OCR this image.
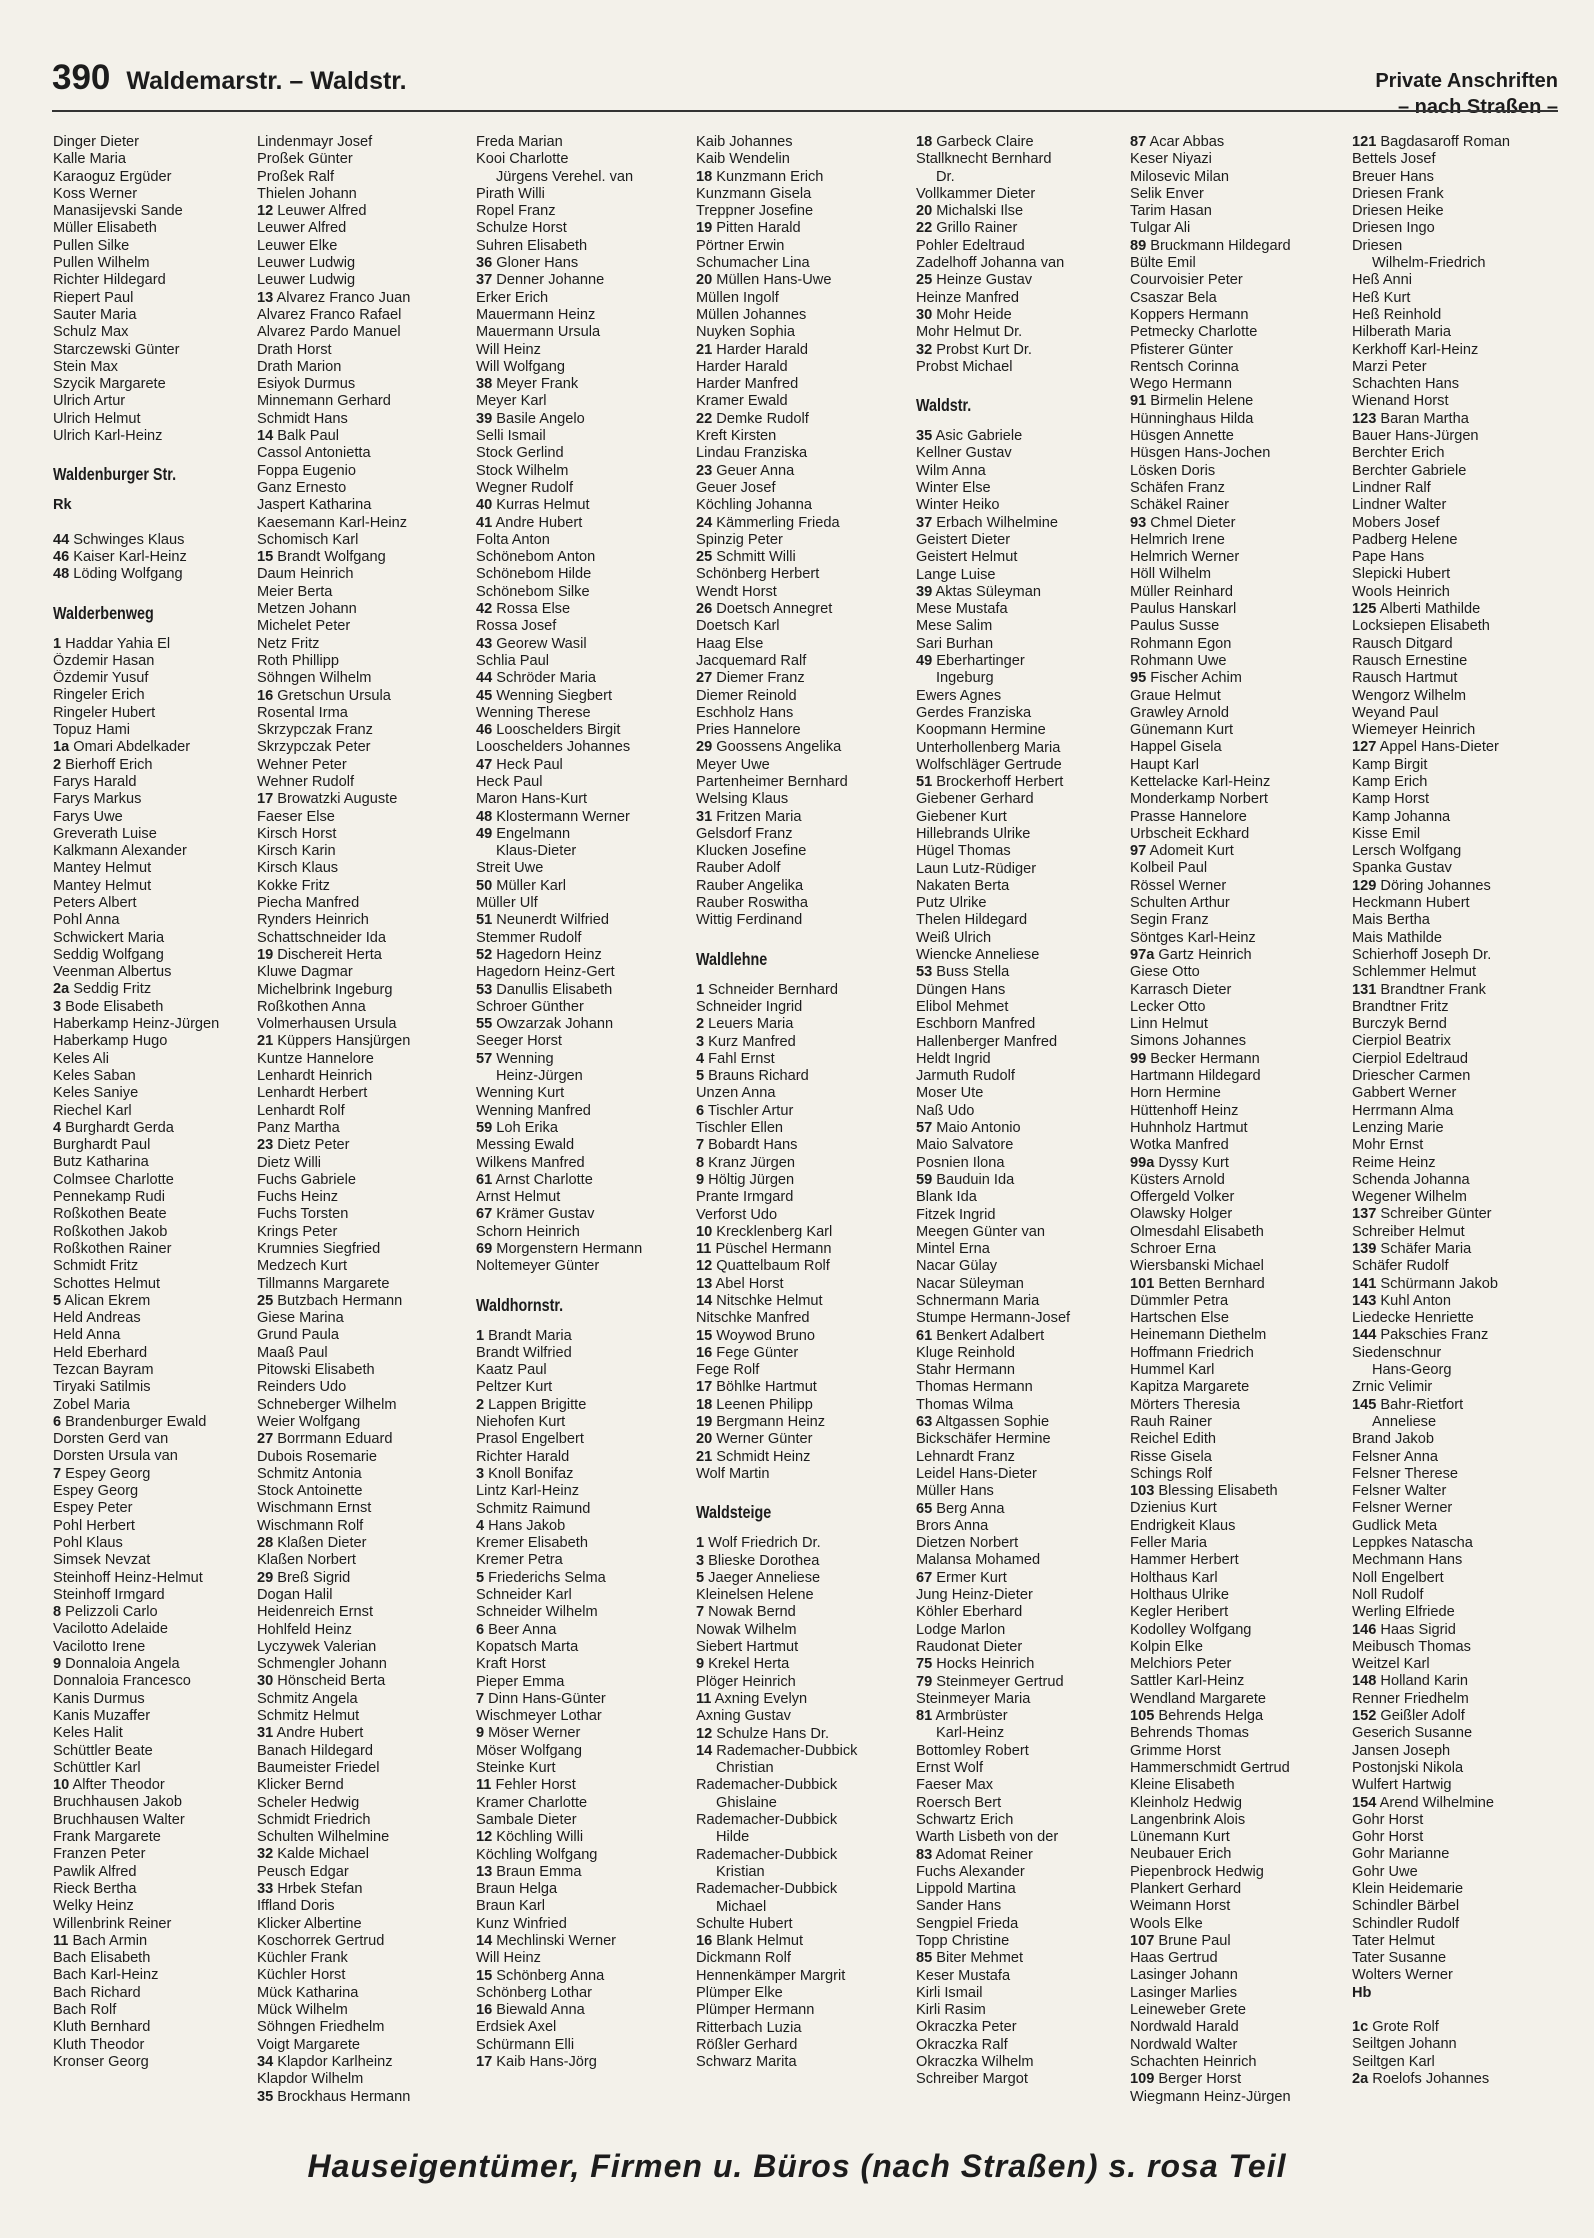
390 Waldemarstr. – Waldstr.	Private Anschriften
– nach Straßen –
Dinger Dieter
Kalle Maria
Karaoguz Ergüder
Koss Werner
Manasijevski Sande
Müller Elisabeth
Pullen Silke
Pullen Wilhelm
Richter Hildegard
Riepert Paul
Sauter Maria
Schulz Max
Starczewski Günter
Stein Max
Szycik Margarete
Ulrich Artur
Ulrich Helmut
Ulrich Karl-Heinz
Waldenburger Str.
Rk
44 Schwinges Klaus
46 Kaiser Karl-Heinz
48 Löding Wolfgang
Walderbenweg
1 Haddar Yahia El
Özdemir Hasan
Özdemir Yusuf
Ringeler Erich
Ringeler Hubert
Topuz Hami
1a Omari Abdelkader
2 Bierhoff Erich
Farys Harald
Farys Markus
Farys Uwe
Greverath Luise
Kalkmann Alexander
Mantey Helmut
Mantey Helmut
Peters Albert
Pohl Anna
Schwickert Maria
Seddig Wolfgang
Veenman Albertus
2a Seddig Fritz
3 Bode Elisabeth
Haberkamp Heinz-Jürgen
Haberkamp Hugo
Keles Ali
Keles Saban
Keles Saniye
Riechel Karl
4 Burghardt Gerda
Burghardt Paul
Butz Katharina
Colmsee Charlotte
Pennekamp Rudi
Roßkothen Beate
Roßkothen Jakob
Roßkothen Rainer
Schmidt Fritz
Schottes Helmut
5 Alican Ekrem
Held Andreas
Held Anna
Held Eberhard
Tezcan Bayram
Tiryaki Satilmis
Zobel Maria
6 Brandenburger Ewald
Dorsten Gerd van
Dorsten Ursula van
7 Espey Georg
Espey Georg
Espey Peter
Pohl Herbert
Pohl Klaus
Simsek Nevzat
Steinhoff Heinz-Helmut
Steinhoff Irmgard
8 Pelizzoli Carlo
Vacilotto Adelaide
Vacilotto Irene
9 Donnaloia Angela
Donnaloia Francesco
Kanis Durmus
Kanis Muzaffer
Keles Halit
Schüttler Beate
Schüttler Karl
10 Alfter Theodor
Bruchhausen Jakob
Bruchhausen Walter
Frank Margarete
Franzen Peter
Pawlik Alfred
Rieck Bertha
Welky Heinz
Willenbrink Reiner
11 Bach Armin
Bach Elisabeth
Bach Karl-Heinz
Bach Richard
Bach Rolf
Kluth Bernhard
Kluth Theodor
Kronser Georg
Lindenmayr Josef
Proßek Günter
Proßek Ralf
Thielen Johann
12 Leuwer Alfred
Leuwer Alfred
Leuwer Elke
Leuwer Ludwig
Leuwer Ludwig
13 Alvarez Franco Juan
Alvarez Franco Rafael
Alvarez Pardo Manuel
Drath Horst
Drath Marion
Esiyok Durmus
Minnemann Gerhard
Schmidt Hans
14 Balk Paul
Cassol Antonietta
Foppa Eugenio
Ganz Ernesto
Jaspert Katharina
Kaesemann Karl-Heinz
Schomisch Karl
15 Brandt Wolfgang
Daum Heinrich
Meier Berta
Metzen Johann
Michelet Peter
Netz Fritz
Roth Phillipp
Söhngen Wilhelm
16 Gretschun Ursula
Rosental Irma
Skrzypczak Franz
Skrzypczak Peter
Wehner Peter
Wehner Rudolf
17 Browatzki Auguste
Faeser Else
Kirsch Horst
Kirsch Karin
Kirsch Klaus
Kokke Fritz
Piecha Manfred
Rynders Heinrich
Schattschneider Ida
19 Dischereit Herta
Kluwe Dagmar
Michelbrink Ingeburg
Roßkothen Anna
Volmerhausen Ursula
21 Küppers Hansjürgen
Kuntze Hannelore
Lenhardt Heinrich
Lenhardt Herbert
Lenhardt Rolf
Panz Martha
23 Dietz Peter
Dietz Willi
Fuchs Gabriele
Fuchs Heinz
Fuchs Torsten
Krings Peter
Krumnies Siegfried
Medzech Kurt
Tillmanns Margarete
25 Butzbach Hermann
Giese Marina
Grund Paula
Maaß Paul
Pitowski Elisabeth
Reinders Udo
Schneberger Wilhelm
Weier Wolfgang
27 Borrmann Eduard
Dubois Rosemarie
Schmitz Antonia
Stock Antoinette
Wischmann Ernst
Wischmann Rolf
28 Klaßen Dieter
Klaßen Norbert
29 Breß Sigrid
Dogan Halil
Heidenreich Ernst
Hohlfeld Heinz
Lyczywek Valerian
Schmengler Johann
30 Hönscheid Berta
Schmitz Angela
Schmitz Helmut
31 Andre Hubert
Banach Hildegard
Baumeister Friedel
Klicker Bernd
Scheler Hedwig
Schmidt Friedrich
Schulten Wilhelmine
32 Kalde Michael
Peusch Edgar
33 Hrbek Stefan
Iffland Doris
Klicker Albertine
Koschorrek Gertrud
Küchler Frank
Küchler Horst
Mück Katharina
Mück Wilhelm
Söhngen Friedhelm
Voigt Margarete
34 Klapdor Karlheinz
Klapdor Wilhelm
35 Brockhaus Hermann
Freda Marian
Kooi Charlotte
Jürgens Verehel. van
Pirath Willi
Ropel Franz
Schulze Horst
Suhren Elisabeth
36 Gloner Hans
37 Denner Johanne
Erker Erich
Mauermann Heinz
Mauermann Ursula
Will Heinz
Will Wolfgang
38 Meyer Frank
Meyer Karl
39 Basile Angelo
Selli Ismail
Stock Gerlind
Stock Wilhelm
Wegner Rudolf
40 Kurras Helmut
41 Andre Hubert
Folta Anton
Schönebom Anton
Schönebom Hilde
Schönebom Silke
42 Rossa Else
Rossa Josef
43 Georew Wasil
Schlia Paul
44 Schröder Maria
45 Wenning Siegbert
Wenning Therese
46 Looschelders Birgit
Looschelders Johannes
47 Heck Paul
Heck Paul
Maron Hans-Kurt
48 Klostermann Werner
49 Engelmann
Klaus-Dieter
Streit Uwe
50 Müller Karl
Müller Ulf
51 Neunerdt Wilfried
Stemmer Rudolf
52 Hagedorn Heinz
Hagedorn Heinz-Gert
53 Danullis Elisabeth
Schroer Günther
55 Owzarzak Johann
Seeger Horst
57 Wenning
Heinz-Jürgen
Wenning Kurt
Wenning Manfred
59 Loh Erika
Messing Ewald
Wilkens Manfred
61 Arnst Charlotte
Arnst Helmut
67 Krämer Gustav
Schorn Heinrich
69 Morgenstern Hermann
Noltemeyer Günter
Waldhornstr.
1 Brandt Maria
Brandt Wilfried
Kaatz Paul
Peltzer Kurt
2 Lappen Brigitte
Niehofen Kurt
Prasol Engelbert
Richter Harald
3 Knoll Bonifaz
Lintz Karl-Heinz
Schmitz Raimund
4 Hans Jakob
Kremer Elisabeth
Kremer Petra
5 Friederichs Selma
Schneider Karl
Schneider Wilhelm
6 Beer Anna
Kopatsch Marta
Kraft Horst
Pieper Emma
7 Dinn Hans-Günter
Wischmeyer Lothar
9 Möser Werner
Möser Wolfgang
Steinke Kurt
11 Fehler Horst
Kramer Charlotte
Sambale Dieter
12 Köchling Willi
Köchling Wolfgang
13 Braun Emma
Braun Helga
Braun Karl
Kunz Winfried
14 Mechlinski Werner
Will Heinz
15 Schönberg Anna
Schönberg Lothar
16 Biewald Anna
Erdsiek Axel
Schürmann Elli
17 Kaib Hans-Jörg
Kaib Johannes
Kaib Wendelin
18 Kunzmann Erich
Kunzmann Gisela
Treppner Josefine
19 Pitten Harald
Pörtner Erwin
Schumacher Lina
20 Müllen Hans-Uwe
Müllen Ingolf
Müllen Johannes
Nuyken Sophia
21 Harder Harald
Harder Harald
Harder Manfred
Kramer Ewald
22 Demke Rudolf
Kreft Kirsten
Lindau Franziska
23 Geuer Anna
Geuer Josef
Köchling Johanna
24 Kämmerling Frieda
Spinzig Peter
25 Schmitt Willi
Schönberg Herbert
Wendt Horst
26 Doetsch Annegret
Doetsch Karl
Haag Else
Jacquemard Ralf
27 Diemer Franz
Diemer Reinold
Eschholz Hans
Pries Hannelore
29 Goossens Angelika
Meyer Uwe
Partenheimer Bernhard
Welsing Klaus
31 Fritzen Maria
Gelsdorf Franz
Klucken Josefine
Rauber Adolf
Rauber Angelika
Rauber Roswitha
Wittig Ferdinand
Waldlehne
1 Schneider Bernhard
Schneider Ingrid
2 Leuers Maria
3 Kurz Manfred
4 Fahl Ernst
5 Brauns Richard
Unzen Anna
6 Tischler Artur
Tischler Ellen
7 Bobardt Hans
8 Kranz Jürgen
9 Höltig Jürgen
Prante Irmgard
Verforst Udo
10 Krecklenberg Karl
11 Püschel Hermann
12 Quattelbaum Rolf
13 Abel Horst
14 Nitschke Helmut
Nitschke Manfred
15 Woywod Bruno
16 Fege Günter
Fege Rolf
17 Böhlke Hartmut
18 Leenen Philipp
19 Bergmann Heinz
20 Werner Günter
21 Schmidt Heinz
Wolf Martin
Waldsteige
1 Wolf Friedrich Dr.
3 Blieske Dorothea
5 Jaeger Anneliese
Kleinelsen Helene
7 Nowak Bernd
Nowak Wilhelm
Siebert Hartmut
9 Krekel Herta
Plöger Heinrich
11 Axning Evelyn
Axning Gustav
12 Schulze Hans Dr.
14 Rademacher-Dubbick
Christian
Rademacher-Dubbick
Ghislaine
Rademacher-Dubbick
Hilde
Rademacher-Dubbick
Kristian
Rademacher-Dubbick
Michael
Schulte Hubert
16 Blank Helmut
Dickmann Rolf
Hennenkämper Margrit
Plümper Elke
Plümper Hermann
Ritterbach Luzia
Rößler Gerhard
Schwarz Marita
18 Garbeck Claire
Stallknecht Bernhard
Dr.
Vollkammer Dieter
20 Michalski Ilse
22 Grillo Rainer
Pohler Edeltraud
Zadelhoff Johanna van
25 Heinze Gustav
Heinze Manfred
30 Mohr Heide
Mohr Helmut Dr.
32 Probst Kurt Dr.
Probst Michael
Waldstr.
35 Asic Gabriele
Kellner Gustav
Wilm Anna
Winter Else
Winter Heiko
37 Erbach Wilhelmine
Geistert Dieter
Geistert Helmut
Lange Luise
39 Aktas Süleyman
Mese Mustafa
Mese Salim
Sari Burhan
49 Eberhartinger
Ingeburg
Ewers Agnes
Gerdes Franziska
Koopmann Hermine
Unterhollenberg Maria
Wolfschläger Gertrude
51 Brockerhoff Herbert
Giebener Gerhard
Giebener Kurt
Hillebrands Ulrike
Hügel Thomas
Laun Lutz-Rüdiger
Nakaten Berta
Putz Ulrike
Thelen Hildegard
Weiß Ulrich
Wiencke Anneliese
53 Buss Stella
Düngen Hans
Elibol Mehmet
Eschborn Manfred
Hallenberger Manfred
Heldt Ingrid
Jarmuth Rudolf
Moser Ute
Naß Udo
57 Maio Antonio
Maio Salvatore
Posnien Ilona
59 Bauduin Ida
Blank Ida
Fitzek Ingrid
Meegen Günter van
Mintel Erna
Nacar Gülay
Nacar Süleyman
Schnermann Maria
Stumpe Hermann-Josef
61 Benkert Adalbert
Kluge Reinhold
Stahr Hermann
Thomas Hermann
Thomas Wilma
63 Altgassen Sophie
Bickschäfer Hermine
Lehnardt Franz
Leidel Hans-Dieter
Müller Hans
65 Berg Anna
Brors Anna
Dietzen Norbert
Malansa Mohamed
67 Ermer Kurt
Jung Heinz-Dieter
Köhler Eberhard
Lodge Marlon
Raudonat Dieter
75 Hocks Heinrich
79 Steinmeyer Gertrud
Steinmeyer Maria
81 Armbrüster
Karl-Heinz
Bottomley Robert
Ernst Wolf
Faeser Max
Roersch Bert
Schwartz Erich
Warth Lisbeth von der
83 Adomat Reiner
Fuchs Alexander
Lippold Martina
Sander Hans
Sengpiel Frieda
Topp Christine
85 Biter Mehmet
Keser Mustafa
Kirli Ismail
Kirli Rasim
Okraczka Peter
Okraczka Ralf
Okraczka Wilhelm
Schreiber Margot
87 Acar Abbas
Keser Niyazi
Milosevic Milan
Selik Enver
Tarim Hasan
Tulgar Ali
89 Bruckmann Hildegard
Bülte Emil
Courvoisier Peter
Csaszar Bela
Koppers Hermann
Petmecky Charlotte
Pfisterer Günter
Rentsch Corinna
Wego Hermann
91 Birmelin Helene
Hünninghaus Hilda
Hüsgen Annette
Hüsgen Hans-Jochen
Lösken Doris
Schäfen Franz
Schäkel Rainer
93 Chmel Dieter
Helmrich Irene
Helmrich Werner
Höll Wilhelm
Müller Reinhard
Paulus Hanskarl
Paulus Susse
Rohmann Egon
Rohmann Uwe
95 Fischer Achim
Graue Helmut
Grawley Arnold
Günemann Kurt
Happel Gisela
Haupt Karl
Kettelacke Karl-Heinz
Monderkamp Norbert
Prasse Hannelore
Urbscheit Eckhard
97 Adomeit Kurt
Kolbeil Paul
Rössel Werner
Schulten Arthur
Segin Franz
Söntges Karl-Heinz
97a Gartz Heinrich
Giese Otto
Karrasch Dieter
Lecker Otto
Linn Helmut
Simons Johannes
99 Becker Hermann
Hartmann Hildegard
Horn Hermine
Hüttenhoff Heinz
Huhnholz Hartmut
Wotka Manfred
99a Dyssy Kurt
Küsters Arnold
Offergeld Volker
Olawsky Holger
Olmesdahl Elisabeth
Schroer Erna
Wiersbanski Michael
101 Betten Bernhard
Dümmler Petra
Hartschen Else
Heinemann Diethelm
Hoffmann Friedrich
Hummel Karl
Kapitza Margarete
Mörters Theresia
Rauh Rainer
Reichel Edith
Risse Gisela
Schings Rolf
103 Blessing Elisabeth
Dzienius Kurt
Endrigkeit Klaus
Feller Maria
Hammer Herbert
Holthaus Karl
Holthaus Ulrike
Kegler Heribert
Kodolley Wolfgang
Kolpin Elke
Melchiors Peter
Sattler Karl-Heinz
Wendland Margarete
105 Behrends Helga
Behrends Thomas
Grimme Horst
Hammerschmidt Gertrud
Kleine Elisabeth
Kleinholz Hedwig
Langenbrink Alois
Lünemann Kurt
Neubauer Erich
Piepenbrock Hedwig
Plankert Gerhard
Weimann Horst
Wools Elke
107 Brune Paul
Haas Gertrud
Lasinger Johann
Lasinger Marlies
Leineweber Grete
Nordwald Harald
Nordwald Walter
Schachten Heinrich
109 Berger Horst
Wiegmann Heinz-Jürgen
121 Bagdasaroff Roman
Bettels Josef
Breuer Hans
Driesen Frank
Driesen Heike
Driesen Ingo
Driesen
Wilhelm-Friedrich
Heß Anni
Heß Kurt
Heß Reinhold
Hilberath Maria
Kerkhoff Karl-Heinz
Marzi Peter
Schachten Hans
Wienand Horst
123 Baran Martha
Bauer Hans-Jürgen
Berchter Erich
Berchter Gabriele
Lindner Ralf
Lindner Walter
Mobers Josef
Padberg Helene
Pape Hans
Slepicki Hubert
Wools Heinrich
125 Alberti Mathilde
Locksiepen Elisabeth
Rausch Ditgard
Rausch Ernestine
Rausch Hartmut
Wengorz Wilhelm
Weyand Paul
Wiemeyer Heinrich
127 Appel Hans-Dieter
Kamp Birgit
Kamp Erich
Kamp Horst
Kamp Johanna
Kisse Emil
Lersch Wolfgang
Spanka Gustav
129 Döring Johannes
Heckmann Hubert
Mais Bertha
Mais Mathilde
Schierhoff Joseph Dr.
Schlemmer Helmut
131 Brandtner Frank
Brandtner Fritz
Burczyk Bernd
Cierpiol Beatrix
Cierpiol Edeltraud
Driescher Carmen
Gabbert Werner
Herrmann Alma
Lenzing Marie
Mohr Ernst
Reime Heinz
Schenda Johanna
Wegener Wilhelm
137 Schreiber Günter
Schreiber Helmut
139 Schäfer Maria
Schäfer Rudolf
141 Schürmann Jakob
143 Kuhl Anton
Liedecke Henriette
144 Pakschies Franz
Siedenschnur
Hans-Georg
Zrnic Velimir
145 Bahr-Rietfort
Anneliese
Brand Jakob
Felsner Anna
Felsner Therese
Felsner Walter
Felsner Werner
Gudlick Meta
Leppkes Natascha
Mechmann Hans
Noll Engelbert
Noll Rudolf
Werling Elfriede
146 Haas Sigrid
Meibusch Thomas
Weitzel Karl
148 Holland Karin
Renner Friedhelm
152 Geißler Adolf
Geserich Susanne
Jansen Joseph
Postonjski Nikola
Wulfert Hartwig
154 Arend Wilhelmine
Gohr Horst
Gohr Horst
Gohr Marianne
Gohr Uwe
Klein Heidemarie
Schindler Bärbel
Schindler Rudolf
Tater Helmut
Tater Susanne
Wolters Werner
Hb
1c Grote Rolf
Seiltgen Johann
Seiltgen Karl
2a Roelofs Johannes
Hauseigentümer, Firmen u. Büros (nach Straßen) s. rosa Teil
